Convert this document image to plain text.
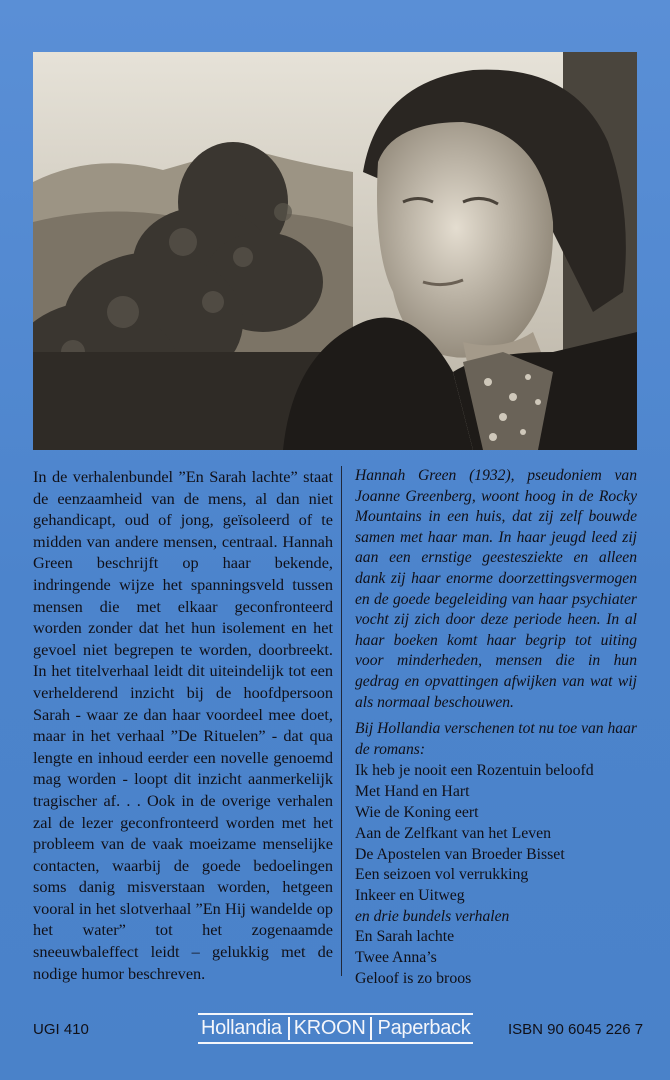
In de verhalenbundel ”En Sarah lachte” staat de eenzaamheid van de mens, al dan niet gehandicapt, oud of jong, geïsoleerd of te midden van andere mensen, centraal. Hannah Green beschrijft op haar bekende, indringende wijze het spanningsveld tussen mensen die met elkaar geconfronteerd worden zonder dat het hun isolement en het gevoel niet begrepen te worden, doorbreekt. In het titelverhaal leidt dit uiteindelijk tot een verhelderend inzicht bij de hoofdpersoon Sarah - waar ze dan haar voordeel mee doet, maar in het verhaal ”De Rituelen” - dat qua lengte en inhoud eerder een novelle genoemd mag worden - loopt dit inzicht aanmerkelijk tragischer af. . . Ook in de overige verhalen zal de lezer geconfronteerd worden met het probleem van de vaak moeizame menselijke contacten, waarbij de goede bedoelingen soms danig misverstaan worden, hetgeen vooral in het slotverhaal ”En Hij wandelde op het water” tot het zogenaamde sneeuwbaleffect leidt – gelukkig met de nodige humor beschreven.

Hannah Green (1932), pseudoniem van Joanne Greenberg, woont hoog in de Rocky Mountains in een huis, dat zij zelf bouwde samen met haar man. In haar jeugd leed zij aan een ernstige geestesziekte en alleen dank zij haar enorme doorzettingsvermogen en de goede begeleiding van haar psychiater vocht zij zich door deze periode heen. In al haar boeken komt haar begrip tot uiting voor minderheden, mensen die in hun gedrag en opvattingen afwijken van wat wij als normaal beschouwen.

Bij Hollandia verschenen tot nu toe van haar de romans:

Ik heb je nooit een Rozentuin beloofd
Met Hand en Hart
Wie de Koning eert
Aan de Zelfkant van het Leven
De Apostelen van Broeder Bisset
Een seizoen vol verrukking
Inkeer en Uitweg

en drie bundels verhalen

En Sarah lachte
Twee Anna’s
Geloof is zo broos
UGI 410	Hollandia KROON Paperback	ISBN 90 6045 226 7
